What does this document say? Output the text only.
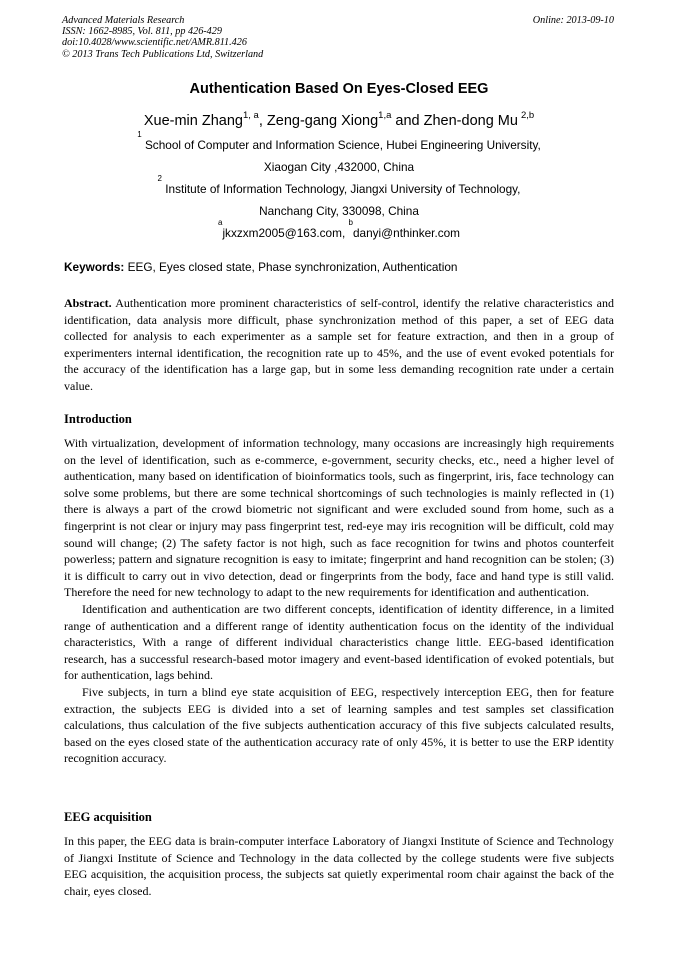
Advanced Materials Research
ISSN: 1662-8985, Vol. 811, pp 426-429
doi:10.4028/www.scientific.net/AMR.811.426
© 2013 Trans Tech Publications Ltd, Switzerland
Online: 2013-09-10
Authentication Based On Eyes-Closed EEG
Xue-min Zhang$^{1, a}$, Zeng-gang Xiong$^{1,a}$ and Zhen-dong Mu $^{2,b}$
$^1$ School of Computer and Information Science, Hubei Engineering University,
Xiaogan City ,432000, China
$^2$ Institute of Information Technology, Jiangxi University of Technology,
Nanchang City, 330098, China
$^a$jkxzxm2005@163.com, $^b$danyi@nthinker.com
Keywords: EEG, Eyes closed state, Phase synchronization, Authentication
Abstract. Authentication more prominent characteristics of self-control, identify the relative characteristics and identification, data analysis more difficult, phase synchronization method of this paper, a set of EEG data collected for analysis to each experimenter as a sample set for feature extraction, and then in a group of experimenters internal identification, the recognition rate up to 45%, and the use of event evoked potentials for the accuracy of the identification has a large gap, but in some less demanding recognition rate under a certain value.
Introduction
With virtualization, development of information technology, many occasions are increasingly high requirements on the level of identification, such as e-commerce, e-government, security checks, etc., need a higher level of authentication, many based on identification of bioinformatics tools, such as fingerprint, iris, face technology can solve some problems, but there are some technical shortcomings of such technologies is mainly reflected in (1) there is always a part of the crowd biometric not significant and were excluded sound from home, such as a fingerprint is not clear or injury may pass fingerprint test, red-eye may iris recognition will be difficult, cold may sound will change; (2) The safety factor is not high, such as face recognition for twins and photos counterfeit powerless; pattern and signature recognition is easy to imitate; fingerprint and hand recognition can be stolen; (3) it is difficult to carry out in vivo detection, dead or fingerprints from the body, face and hand type is still valid. Therefore the need for new technology to adapt to the new requirements for identification and authentication.
Identification and authentication are two different concepts, identification of identity difference, in a limited range of authentication and a different range of identity authentication focus on the identity of the individual characteristics, With a range of different individual characteristics change little. EEG-based identification research, has a successful research-based motor imagery and event-based identification of evoked potentials, but for authentication, lags behind.
Five subjects, in turn a blind eye state acquisition of EEG, respectively interception EEG, then for feature extraction, the subjects EEG is divided into a set of learning samples and test samples set classification calculations, thus calculation of the five subjects authentication accuracy of this five subjects calculated results, based on the eyes closed state of the authentication accuracy rate of only 45%, it is better to use the ERP identity recognition accuracy.
EEG acquisition
In this paper, the EEG data is brain-computer interface Laboratory of Jiangxi Institute of Science and Technology of Jiangxi Institute of Science and Technology in the data collected by the college students were five subjects EEG acquisition, the acquisition process, the subjects sat quietly experimental room chair against the back of the chair, eyes closed.
